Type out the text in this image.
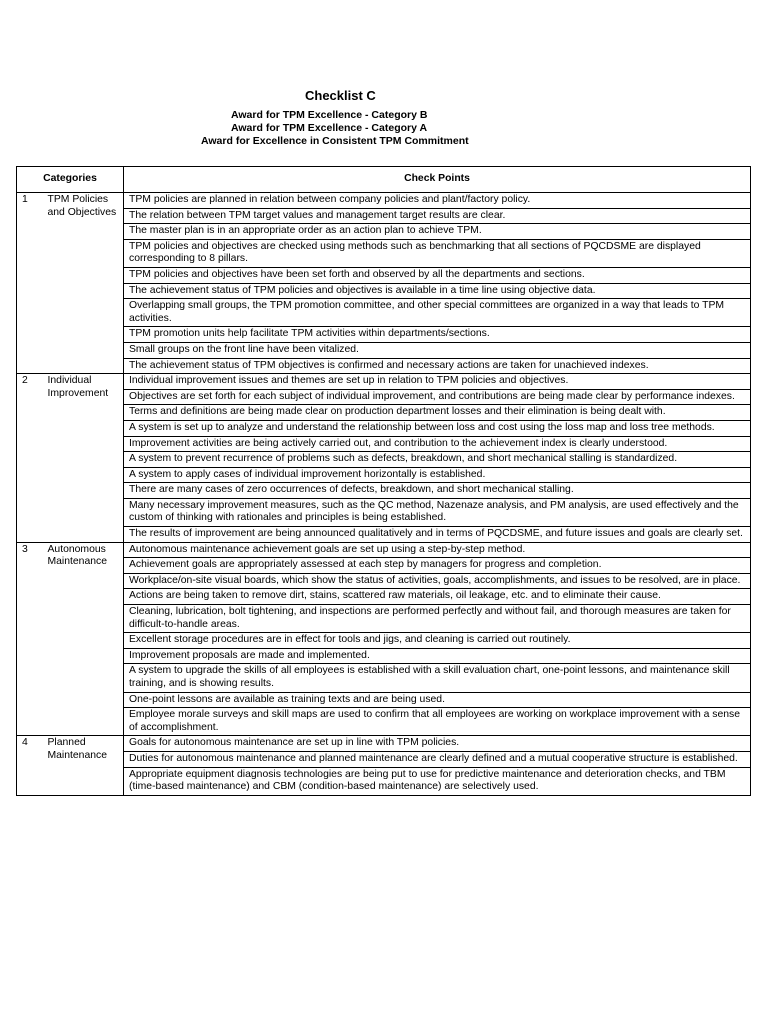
Checklist C
Award for TPM Excellence - Category B
Award for TPM Excellence - Category A
Award for Excellence in Consistent TPM Commitment
Categories		Check Points
1	TPM Policies and Objectives	TPM policies are planned in relation between company policies and plant/factory policy.
		The relation between TPM target values and management target results are clear.
		The master plan is in an appropriate order as an action plan to achieve TPM.
		TPM policies and objectives are checked using methods such as benchmarking that all sections of PQCDSME are displayed corresponding to 8 pillars.
		TPM policies and objectives have been set forth and observed by all the departments and sections.
		The achievement status of TPM policies and objectives is available in a time line using objective data.
		Overlapping small groups, the TPM promotion committee, and other special committees are organized in a way that leads to TPM activities.
		TPM promotion units help facilitate TPM activities within departments/sections.
		Small groups on the front line have been vitalized.
		The achievement status of TPM objectives is confirmed and necessary actions are taken for unachieved indexes.
2	Individual Improvement	Individual improvement issues and themes are set up in relation to TPM policies and objectives.
		Objectives are set forth for each subject of individual improvement, and contributions are being made clear by performance indexes.
		Terms and definitions are being made clear on production department losses and their elimination is being dealt with.
		A system is set up to analyze and understand the relationship between loss and cost using the loss map and loss tree methods.
		Improvement activities are being actively carried out, and contribution to the achievement index is clearly understood.
		A system to prevent recurrence of problems such as defects, breakdown, and short mechanical stalling is standardized.
		A system to apply cases of individual improvement horizontally is established.
		There are many cases of zero occurrences of defects, breakdown, and short mechanical stalling.
		Many necessary improvement measures, such as the QC method, Nazenaze analysis, and PM analysis, are used effectively and the custom of thinking with rationales and principles is being established.
		The results of improvement are being announced qualitatively and in terms of PQCDSME, and future issues and goals are clearly set.
3	Autonomous Maintenance	Autonomous maintenance achievement goals are set up using a step-by-step method.
		Achievement goals are appropriately assessed at each step by managers for progress and completion.
		Workplace/on-site visual boards, which show the status of activities, goals, accomplishments, and issues to be resolved, are in place.
		Actions are being taken to remove dirt, stains, scattered raw materials, oil leakage, etc. and to eliminate their cause.
		Cleaning, lubrication, bolt tightening, and inspections are performed perfectly and without fail, and thorough measures are taken for difficult-to-handle areas.
		Excellent storage procedures are in effect for tools and jigs, and cleaning is carried out routinely.
		Improvement proposals are made and implemented.
		A system to upgrade the skills of all employees is established with a skill evaluation chart, one-point lessons, and maintenance skill training, and is showing results.
		One-point lessons are available as training texts and are being used.
		Employee morale surveys and skill maps are used to confirm that all employees are working on workplace improvement with a sense of accomplishment.
4	Planned Maintenance	Goals for autonomous maintenance are set up in line with TPM policies.
		Duties for autonomous maintenance and planned maintenance are clearly defined and a mutual cooperative structure is established.
		Appropriate equipment diagnosis technologies are being put to use for predictive maintenance and deterioration checks, and TBM (time-based maintenance) and CBM (condition-based maintenance) are selectively used.
